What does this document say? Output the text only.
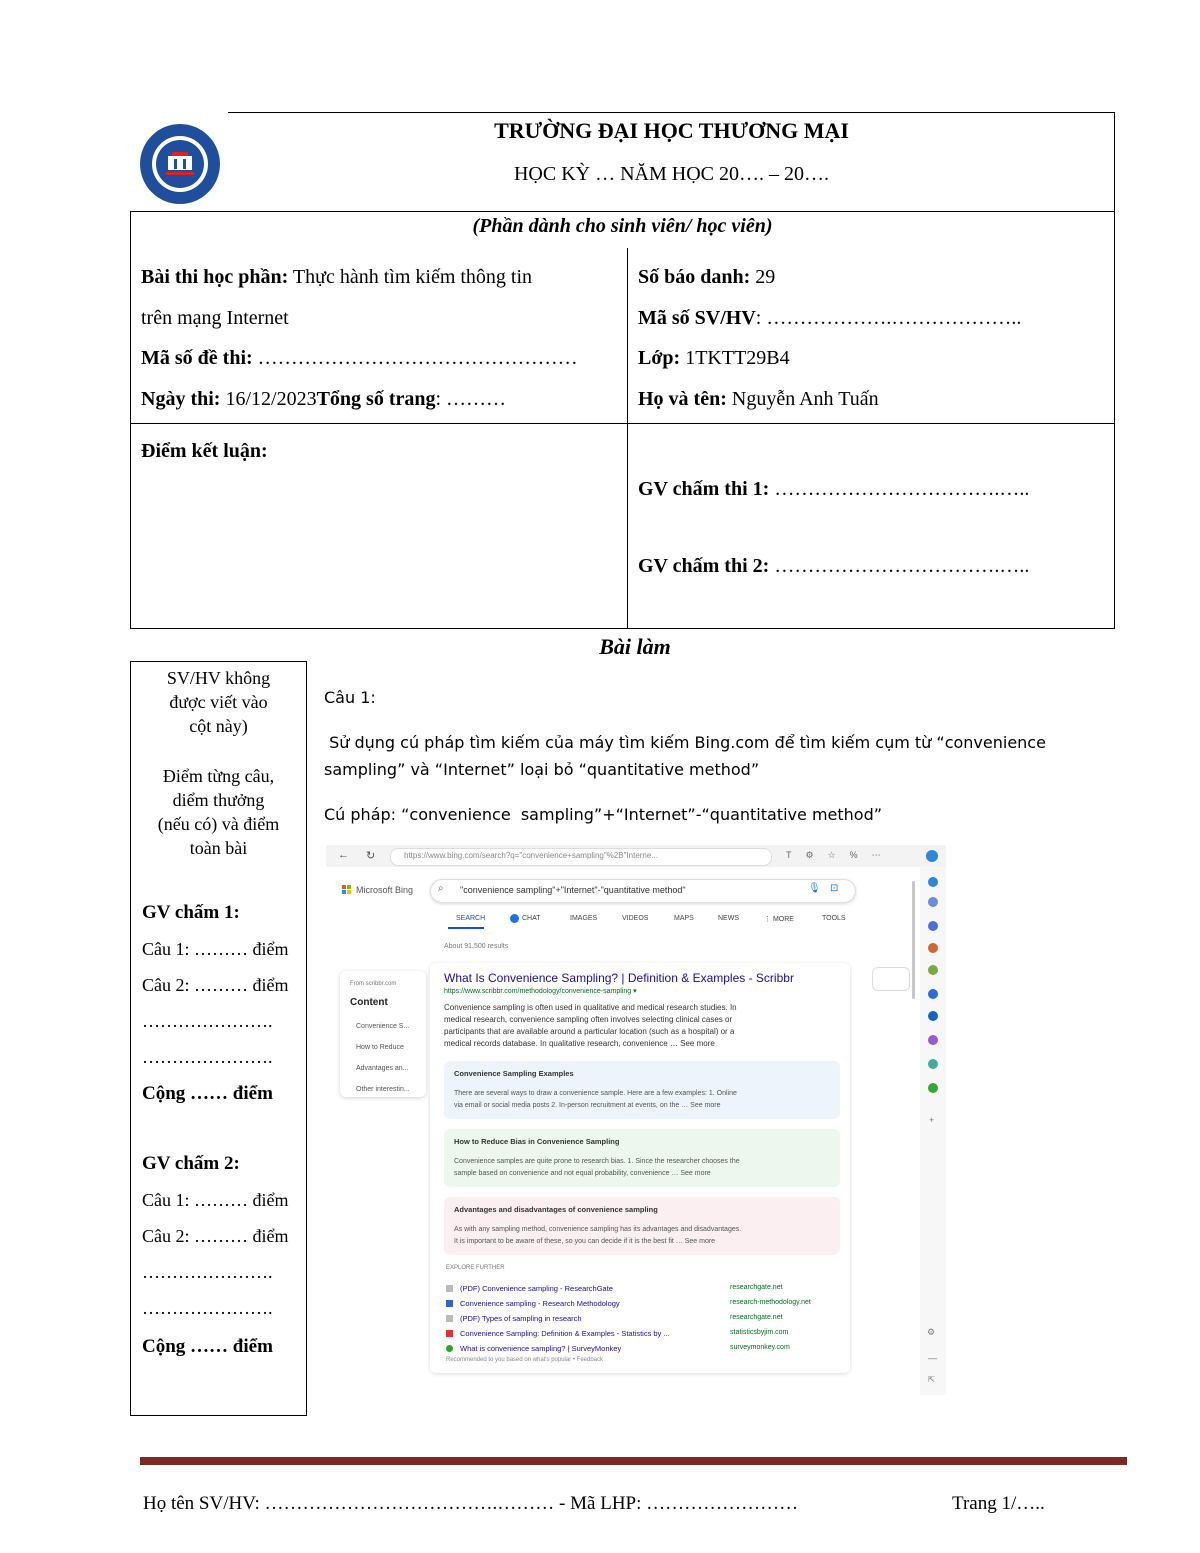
TRƯỜNG ĐẠI HỌC THƯƠNG MẠI
HỌC KỲ … NĂM HỌC 20…. – 20….
(Phần dành cho sinh viên/ học viên)
Bài thi học phần: Thực hành tìm kiếm thông tin
trên mạng Internet
Mã số đề thi: …………………………………………
Ngày thi: 16/12/2023Tổng số trang: ………
Số báo danh: 29
Mã số SV/HV: ……………….………………..
Lớp: 1TKTT29B4
Họ và tên: Nguyễn Anh Tuấn
Điểm kết luận:
GV chấm thi 1: …………………………….…..
GV chấm thi 2: …………………………….…..
Bài làm
SV/HV không
được viết vào
cột này)
Điểm từng câu,
diểm thưởng
(nếu có) và điểm
toàn bài
GV chấm 1:
Câu 1: ……… điểm
Câu 2: ……… điểm
………………….
………………….
Cộng …… điểm
GV chấm 2:
Câu 1: ……… điểm
Câu 2: ……… điểm
………………….
………………….
Cộng …… điểm
Câu 1:
Sử dụng cú pháp tìm kiếm của máy tìm kiếm Bing.com để tìm kiếm cụm từ “convenience
sampling” và “Internet” loại bỏ “quantitative method”
Cú pháp: “convenience  sampling”+“Internet”-“quantitative method”
← ↻	https://www.bing.com/search?q="convenience+sampling"%2B"Interne...	T⚙☆%⋯
Microsoft Bing ⌕ "convenience sampling"+"Internet"-"quantitative method"	🎙 ⊡
SEARCH	CHAT	IMAGES	VIDEOS	MAPS	NEWS	⋮ MORE	TOOLS
About 91,500 results
From scribbr.com
Content
Convenience S...
How to Reduce
Advantages an...
Other interestin...
What Is Convenience Sampling? | Definition & Examples - Scribbr
https://www.scribbr.com/methodology/convenience-sampling ▾
Convenience sampling is often used in qualitative and medical research studies. In
medical research, convenience sampling often involves selecting clinical cases or
participants that are available around a particular location (such as a hospital) or a
medical records database. In qualitative research, convenience … See more
Convenience Sampling Examples
There are several ways to draw a convenience sample. Here are a few examples: 1. Online
via email or social media posts 2. In-person recruitment at events, on the … See more
How to Reduce Bias in Convenience Sampling
Convenience samples are quite prone to research bias. 1. Since the researcher chooses the
sample based on convenience and not equal probability, convenience … See more
Advantages and disadvantages of convenience sampling
As with any sampling method, convenience sampling has its advantages and disadvantages.
It is important to be aware of these, so you can decide if it is the best fit … See more
EXPLORE FURTHER
(PDF) Convenience sampling - ResearchGate	researchgate.net
Convenience sampling - Research Methodology	research-methodology.net
(PDF) Types of sampling in research	researchgate.net
Convenience Sampling: Definition & Examples - Statistics by ...	statisticsbyjim.com
What is convenience sampling? | SurveyMonkey	surveymonkey.com
Recommended to you based on what's popular • Feedback
+
⚙
—
⇱
Họ tên SV/HV: ……………………………….……… - Mã LHP: ……………………	Trang 1/…..
